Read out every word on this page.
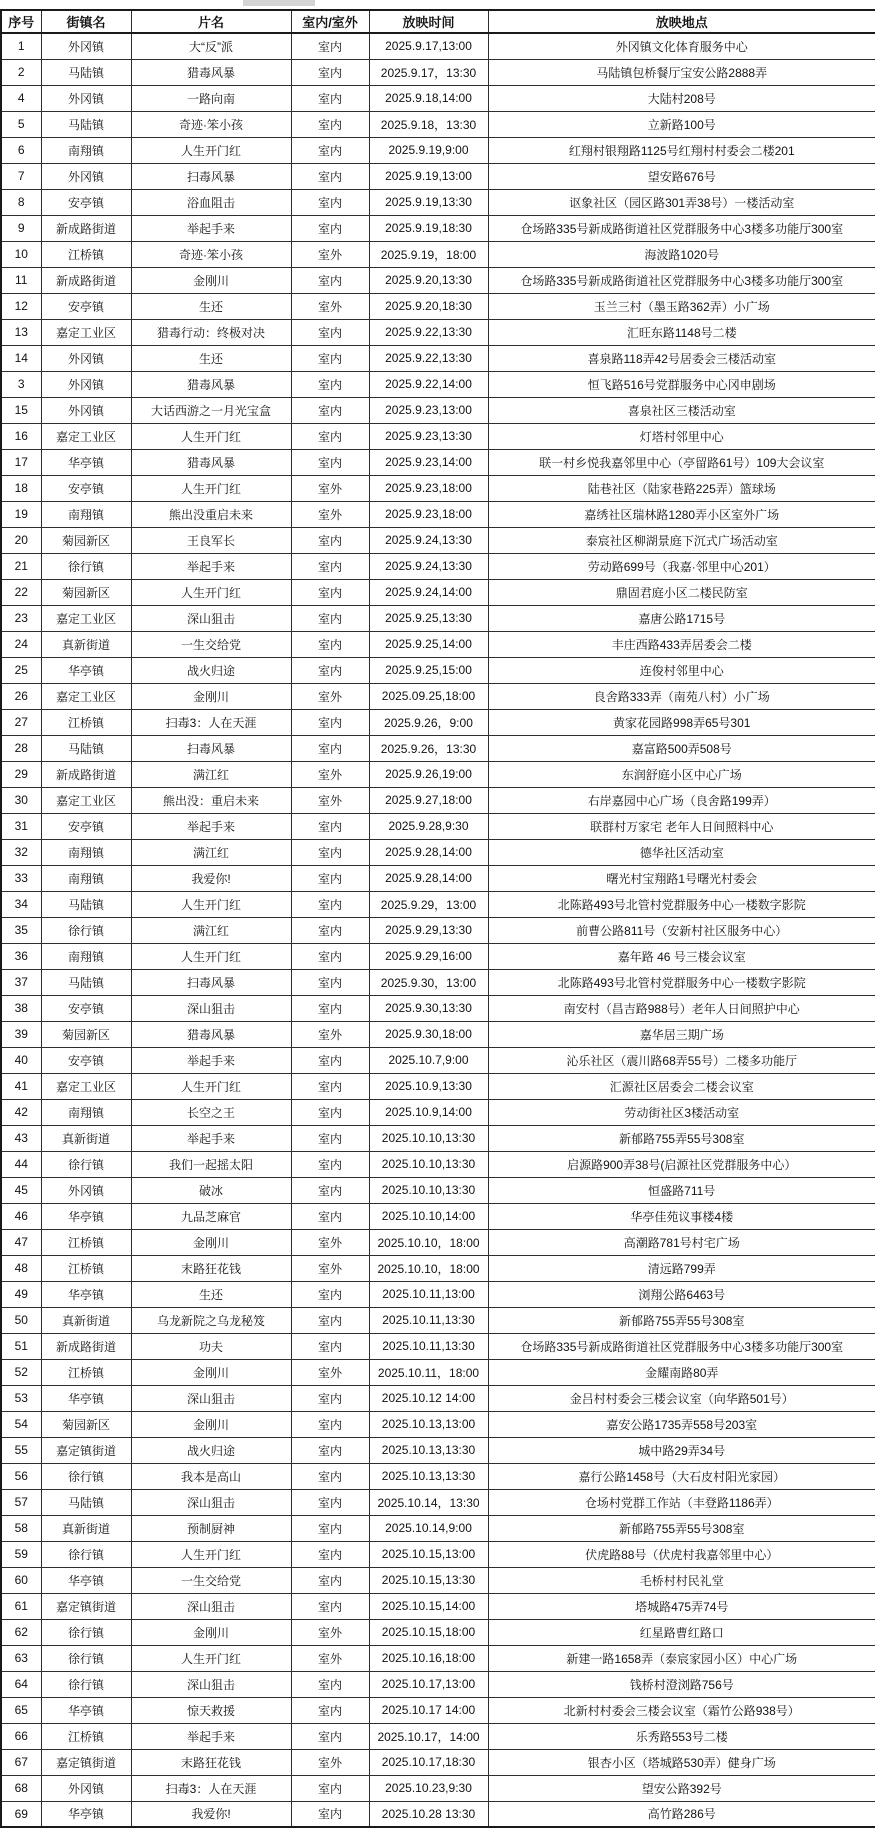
序号	街镇名	片名	室内/室外	放映时间	放映地点
1	外冈镇	大“反”派	室内	2025.9.17,13:00	外冈镇文化体育服务中心
2	马陆镇	猎毒风暴	室内	2025.9.17，13:30	马陆镇包桥餐厅宝安公路2888弄
4	外冈镇	一路向南	室内	2025.9.18,14:00	大陆村208号
5	马陆镇	奇迹·笨小孩	室内	2025.9.18，13:30	立新路100号
6	南翔镇	人生开门红	室内	2025.9.19,9:00	红翔村银翔路1125号红翔村村委会二楼201
7	外冈镇	扫毒风暴	室内	2025.9.19,13:00	望安路676号
8	安亭镇	浴血阻击	室内	2025.9.19,13:30	讴象社区（园区路301弄38号）一楼活动室
9	新成路街道	举起手来	室内	2025.9.19,18:30	仓场路335号新成路街道社区党群服务中心3楼多功能厅300室
10	江桥镇	奇迹·笨小孩	室外	2025.9.19，18:00	海波路1020号
11	新成路街道	金刚川	室内	2025.9.20,13:30	仓场路335号新成路街道社区党群服务中心3楼多功能厅300室
12	安亭镇	生还	室外	2025.9.20,18:30	玉兰三村（墨玉路362弄）小广场
13	嘉定工业区	猎毒行动：终极对决	室内	2025.9.22,13:30	汇旺东路1148号二楼
14	外冈镇	生还	室内	2025.9.22,13:30	喜泉路118弄42号居委会三楼活动室
3	外冈镇	猎毒风暴	室内	2025.9.22,14:00	恒飞路516号党群服务中心冈申剧场
15	外冈镇	大话西游之一月光宝盒	室内	2025.9.23,13:00	喜泉社区三楼活动室
16	嘉定工业区	人生开门红	室内	2025.9.23,13:30	灯塔村邻里中心
17	华亭镇	猎毒风暴	室内	2025.9.23,14:00	联一村乡悦我嘉邻里中心（亭留路61号）109大会议室
18	安亭镇	人生开门红	室外	2025.9.23,18:00	陆巷社区（陆家巷路225弄）篮球场
19	南翔镇	熊出没重启未来	室外	2025.9.23,18:00	嘉绣社区瑞林路1280弄小区室外广场
20	菊园新区	王良军长	室内	2025.9.24,13:30	泰宸社区柳湖景庭下沉式广场活动室
21	徐行镇	举起手来	室内	2025.9.24,13:30	劳动路699号（我嘉·邻里中心201）
22	菊园新区	人生开门红	室内	2025.9.24,14:00	鼎固君庭小区二楼民防室
23	嘉定工业区	深山狙击	室内	2025.9.25,13:30	嘉唐公路1715号
24	真新街道	一生交给党	室内	2025.9.25,14:00	丰庄西路433弄居委会二楼
25	华亭镇	战火归途	室内	2025.9.25,15:00	连俊村邻里中心
26	嘉定工业区	金刚川	室外	2025.09.25,18:00	良舍路333弄（南苑八村）小广场
27	江桥镇	扫毒3：人在天涯	室内	2025.9.26，9:00	黄家花园路998弄65号301
28	马陆镇	扫毒风暴	室内	2025.9.26，13:30	嘉富路500弄508号
29	新成路街道	满江红	室外	2025.9.26,19:00	东润舒庭小区中心广场
30	嘉定工业区	熊出没：重启未来	室外	2025.9.27,18:00	右岸嘉园中心广场（良舍路199弄）
31	安亭镇	举起手来	室内	2025.9.28,9:30	联群村万家宅 老年人日间照料中心
32	南翔镇	满江红	室内	2025.9.28,14:00	德华社区活动室
33	南翔镇	我爱你!	室内	2025.9.28,14:00	曙光村宝翔路1号曙光村委会
34	马陆镇	人生开门红	室内	2025.9.29，13:00	北陈路493号北管村党群服务中心一楼数字影院
35	徐行镇	满江红	室内	2025.9.29,13:30	前曹公路811号（安新村社区服务中心）
36	南翔镇	人生开门红	室内	2025.9.29,16:00	嘉年路 46 号三楼会议室
37	马陆镇	扫毒风暴	室内	2025.9.30，13:00	北陈路493号北管村党群服务中心一楼数字影院
38	安亭镇	深山狙击	室内	2025.9.30,13:30	南安村（昌吉路988号）老年人日间照护中心
39	菊园新区	猎毒风暴	室外	2025.9.30,18:00	嘉华居三期广场
40	安亭镇	举起手来	室内	2025.10.7,9:00	沁乐社区（震川路68弄55号）二楼多功能厅
41	嘉定工业区	人生开门红	室内	2025.10.9,13:30	汇源社区居委会二楼会议室
42	南翔镇	长空之王	室内	2025.10.9,14:00	劳动街社区3楼活动室
43	真新街道	举起手来	室内	2025.10.10,13:30	新郁路755弄55号308室
44	徐行镇	我们一起摇太阳	室内	2025.10.10,13:30	启源路900弄38号(启源社区党群服务中心）
45	外冈镇	破冰	室内	2025.10.10,13:30	恒盛路711号
46	华亭镇	九品芝麻官	室内	2025.10.10,14:00	华亭佳苑议事楼4楼
47	江桥镇	金刚川	室外	2025.10.10，18:00	高潮路781号村宅广场
48	江桥镇	末路狂花钱	室外	2025.10.10，18:00	清远路799弄
49	华亭镇	生还	室内	2025.10.11,13:00	浏翔公路6463号
50	真新街道	乌龙新院之乌龙秘笈	室内	2025.10.11,13:30	新郁路755弄55号308室
51	新成路街道	功夫	室内	2025.10.11,13:30	仓场路335号新成路街道社区党群服务中心3楼多功能厅300室
52	江桥镇	金刚川	室外	2025.10.11，18:00	金耀南路80弄
53	华亭镇	深山狙击	室内	2025.10.12 14:00	金吕村村委会三楼会议室（向华路501号）
54	菊园新区	金刚川	室内	2025.10.13,13:00	嘉安公路1735弄558号203室
55	嘉定镇街道	战火归途	室内	2025.10.13,13:30	城中路29弄34号
56	徐行镇	我本是高山	室内	2025.10.13,13:30	嘉行公路1458号（大石皮村阳光家园）
57	马陆镇	深山狙击	室内	2025.10.14，13:30	仓场村党群工作站（丰登路1186弄）
58	真新街道	预制厨神	室内	2025.10.14,9:00	新郁路755弄55号308室
59	徐行镇	人生开门红	室内	2025.10.15,13:00	伏虎路88号（伏虎村我嘉邻里中心）
60	华亭镇	一生交给党	室内	2025.10.15,13:30	毛桥村村民礼堂
61	嘉定镇街道	深山狙击	室内	2025.10.15,14:00	塔城路475弄74号
62	徐行镇	金刚川	室外	2025.10.15,18:00	红星路曹红路口
63	徐行镇	人生开门红	室外	2025.10.16,18:00	新建一路1658弄（泰宸家园小区）中心广场
64	徐行镇	深山狙击	室内	2025.10.17,13:00	钱桥村澄浏路756号
65	华亭镇	惊天救援	室内	2025.10.17 14:00	北新村村委会三楼会议室（霜竹公路938号）
66	江桥镇	举起手来	室内	2025.10.17，14:00	乐秀路553号二楼
67	嘉定镇街道	末路狂花钱	室外	2025.10.17,18:30	银杏小区（塔城路530弄）健身广场
68	外冈镇	扫毒3：人在天涯	室内	2025.10.23,9:30	望安公路392号
69	华亭镇	我爱你!	室内	2025.10.28 13:30	高竹路286号
